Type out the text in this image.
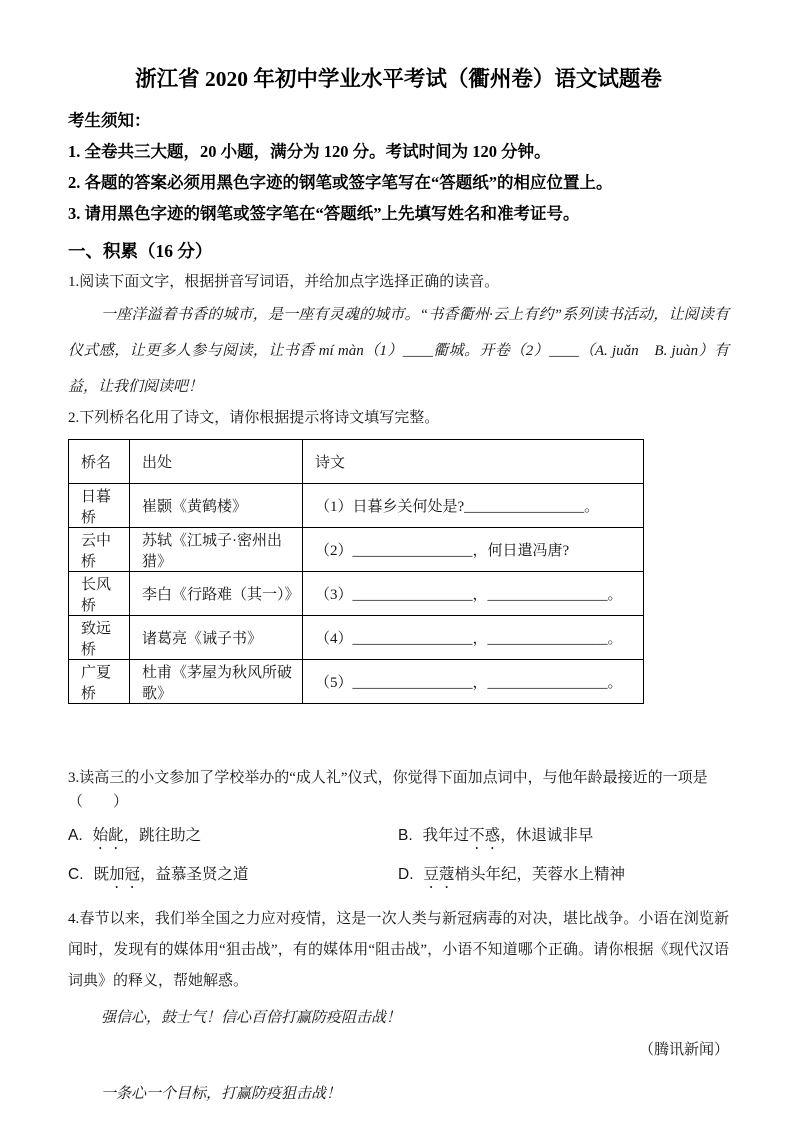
浙江省 2020 年初中学业水平考试（衢州卷）语文试题卷
考生须知：
1. 全卷共三大题，20 小题，满分为 120 分。考试时间为 120 分钟。
2. 各题的答案必须用黑色字迹的钢笔或签字笔写在“答题纸”的相应位置上。
3. 请用黑色字迹的钢笔或签字笔在“答题纸”上先填写姓名和准考证号。
一、积累（16 分）

1.阅读下面文字，根据拼音写词语，并给加点字选择正确的读音。

一座洋溢着书香的城市，是一座有灵魂的城市。“书香衢州·云上有约”系列读书活动，让阅读有仪式感，让更多人参与阅读，让书香 mí màn（1）____衢城。开卷（2）____（A. juǎn　B. juàn）有益，让我们阅读吧！

2.下列桥名化用了诗文，请你根据提示将诗文填写完整。

桥名	出处	诗文
日暮桥	崔颢《黄鹤楼》	（1）日暮乡关何处是?________________。
云中桥	苏轼《江城子·密州出猎》	（2）________________，何日遣冯唐?
长风桥	李白《行路难（其一）》	（3）________________，________________。
致远桥	诸葛亮《诫子书》	（4）________________，________________。
广夏桥	杜甫《茅屋为秋风所破歌》	（5）________________，________________。

3.读高三的小文参加了学校举办的“成人礼”仪式，你觉得下面加点词中，与他年龄最接近的一项是（　　）

A. 始龀，跳往助之	B. 我年过不惑，休退诚非早
C. 既加冠，益慕圣贤之道	D. 豆蔻梢头年纪，芙蓉水上精神

4.春节以来，我们举全国之力应对疫情，这是一次人类与新冠病毒的对决，堪比战争。小语在浏览新闻时，发现有的媒体用“狙击战”，有的媒体用“阻击战”，小语不知道哪个正确。请你根据《现代汉语词典》的释义，帮她解惑。

强信心，鼓士气！信心百倍打赢防疫阻击战！

（腾讯新闻）

一条心一个目标，打赢防疫狙击战！
